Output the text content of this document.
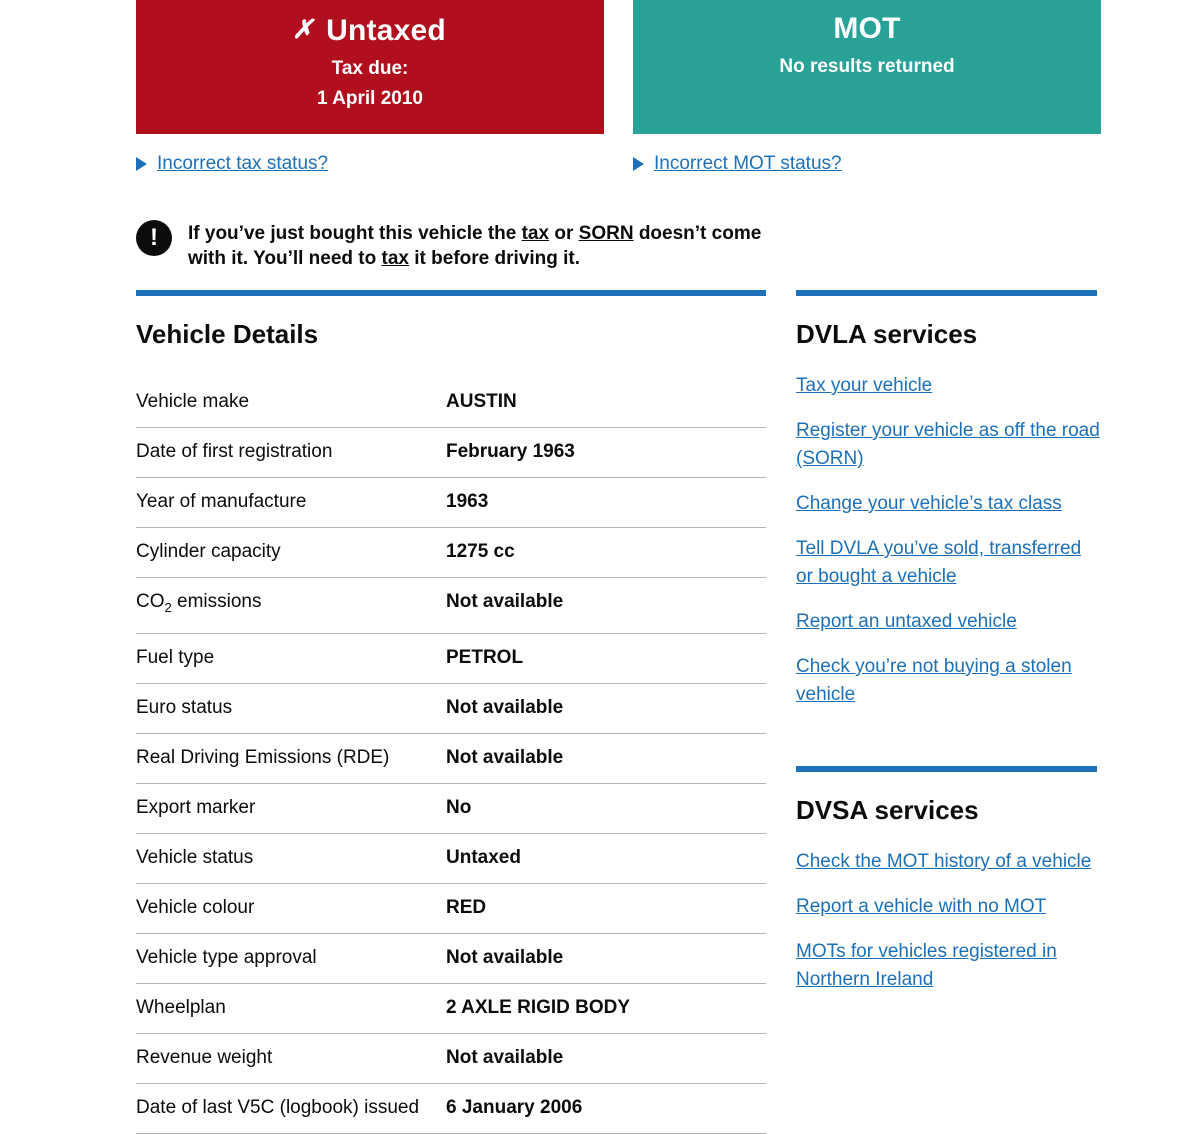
✗ Untaxed
Tax due:
1 April 2010
MOT
No results returned
Incorrect tax status?	Incorrect MOT status?
!	If you’ve just bought this vehicle the tax or SORN doesn’t come with it. You’ll need to tax it before driving it.
Vehicle Details
Vehicle make	AUSTIN
Date of first registration	February 1963
Year of manufacture	1963
Cylinder capacity	1275 cc
$CO_2$ emissions	Not available
Fuel type	PETROL
Euro status	Not available
Real Driving Emissions (RDE)	Not available
Export marker	No
Vehicle status	Untaxed
Vehicle colour	RED
Vehicle type approval	Not available
Wheelplan	2 AXLE RIGID BODY
Revenue weight	Not available
Date of last V5C (logbook) issued	6 January 2006
DVLA services
Tax your vehicle
Register your vehicle as off the road (SORN)
Change your vehicle’s tax class
Tell DVLA you’ve sold, transferred or bought a vehicle
Report an untaxed vehicle
Check you’re not buying a stolen vehicle
DVSA services
Check the MOT history of a vehicle
Report a vehicle with no MOT
MOTs for vehicles registered in Northern Ireland
